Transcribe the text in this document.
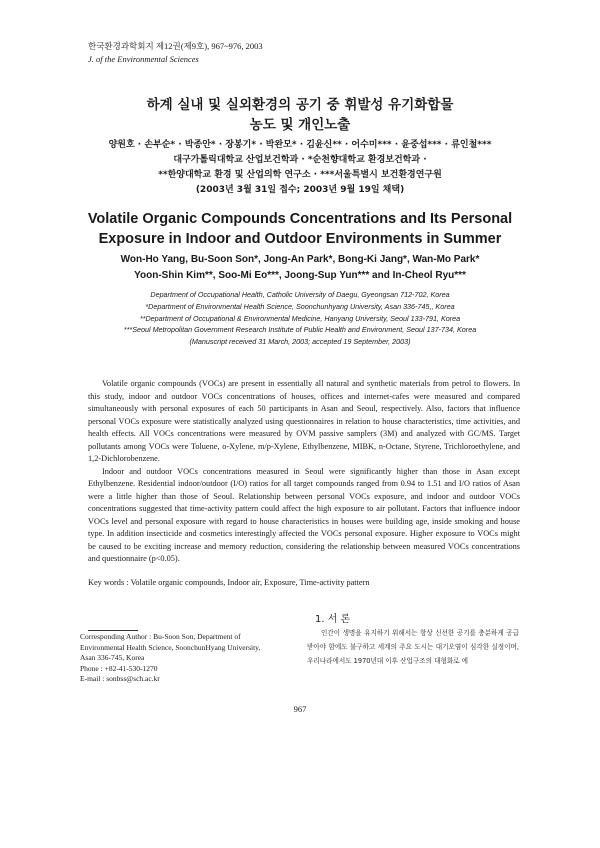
한국환경과학회지 제12권(제9호), 967~976, 2003
J. of the Environmental Sciences
하계 실내 및 실외환경의 공기 중 휘발성 유기화합물
농도 및 개인노출
양원호 · 손부순* · 박종안* · 장봉기* · 박완모* · 김윤신** · 어수미*** · 윤중섭*** · 류인철***
대구가톨릭대학교 산업보건학과 · *순천향대학교 환경보건학과 ·
**한양대학교 환경 및 산업의학 연구소 · ***서울특별시 보건환경연구원
(2003년 3월 31일 접수; 2003년 9월 19일 채택)
Volatile Organic Compounds Concentrations and Its Personal
Exposure in Indoor and Outdoor Environments in Summer
Won-Ho Yang, Bu-Soon Son*, Jong-An Park*, Bong-Ki Jang*, Wan-Mo Park*
Yoon-Shin Kim**, Soo-Mi Eo***, Joong-Sup Yun*** and In-Cheol Ryu***
Department of Occupational Health, Catholic University of Daegu, Gyeongsan 712-702, Korea
*Department of Environmental Health Science, Soonchunhyang University, Asan 336-745,, Korea
**Department of Occupational & Environmental Medicine, Hanyang University, Seoul 133-791, Korea
***Seoul Metropolitan Government Research Institute of Public Health and Environment, Seoul 137-734, Korea
(Manuscript received 31 March, 2003; accepted 19 September, 2003)

Volatile organic compounds (VOCs) are present in essentially all natural and synthetic materials from petrol to flowers. In this study, indoor and outdoor VOCs concentrations of houses, offices and internet-cafes were measured and compared simultaneously with personal exposures of each 50 participants in Asan and Seoul, respectively. Also, factors that influence personal VOCs exposure were statistically analyzed using questionnaires in relation to house characteristics, time activities, and health effects. All VOCs concentrations were measured by OVM passive samplers (3M) and analyzed with GC/MS. Target pollutants among VOCs were Toluene, o-Xylene, m/p-Xylene, Ethylbenzene, MIBK, n-Octane, Styrene, Trichloroethylene, and 1,2-Dichlorobenzene.

Indoor and outdoor VOCs concentrations measured in Seoul were significantly higher than those in Asan except Ethylbenzene. Residential indoor/outdoor (I/O) ratios for all target compounds ranged from 0.94 to 1.51 and I/O ratios of Asan were a little higher than those of Seoul. Relationship between personal VOCs exposure, and indoor and outdoor VOCs concentrations suggested that time-activity pattern could affect the high exposure to air pollutant. Factors that influence indoor VOCs level and personal exposure with regard to house characteristics in houses were building age, inside smoking and house type. In addition insecticide and cosmetics interestingly affected the VOCs personal exposure. Higher exposure to VOCs might be caused to be exciting increase and memory reduction, considering the relationship between measured VOCs concentrations and questionnaire (p<0.05).

Key words : Volatile organic compounds, Indoor air, Exposure, Time-activity pattern
1. 서 론

인간이 생명을 유지하기 위해서는 항상 신선한 공기를 충분하게 공급받아야 함에도 불구하고 세계의 주요 도시는 대기오염이 심각한 실정이며, 우리나라에서도 1970년대 이후 산업구조의 대형화로 에

Corresponding Author : Bu-Soon Son, Department of
Environmental Health Science, SoonchunHyang University,
Asan 336-745, Korea
Phone : +82-41-530-1270
E-mail : sonbss@sch.ac.kr
967
